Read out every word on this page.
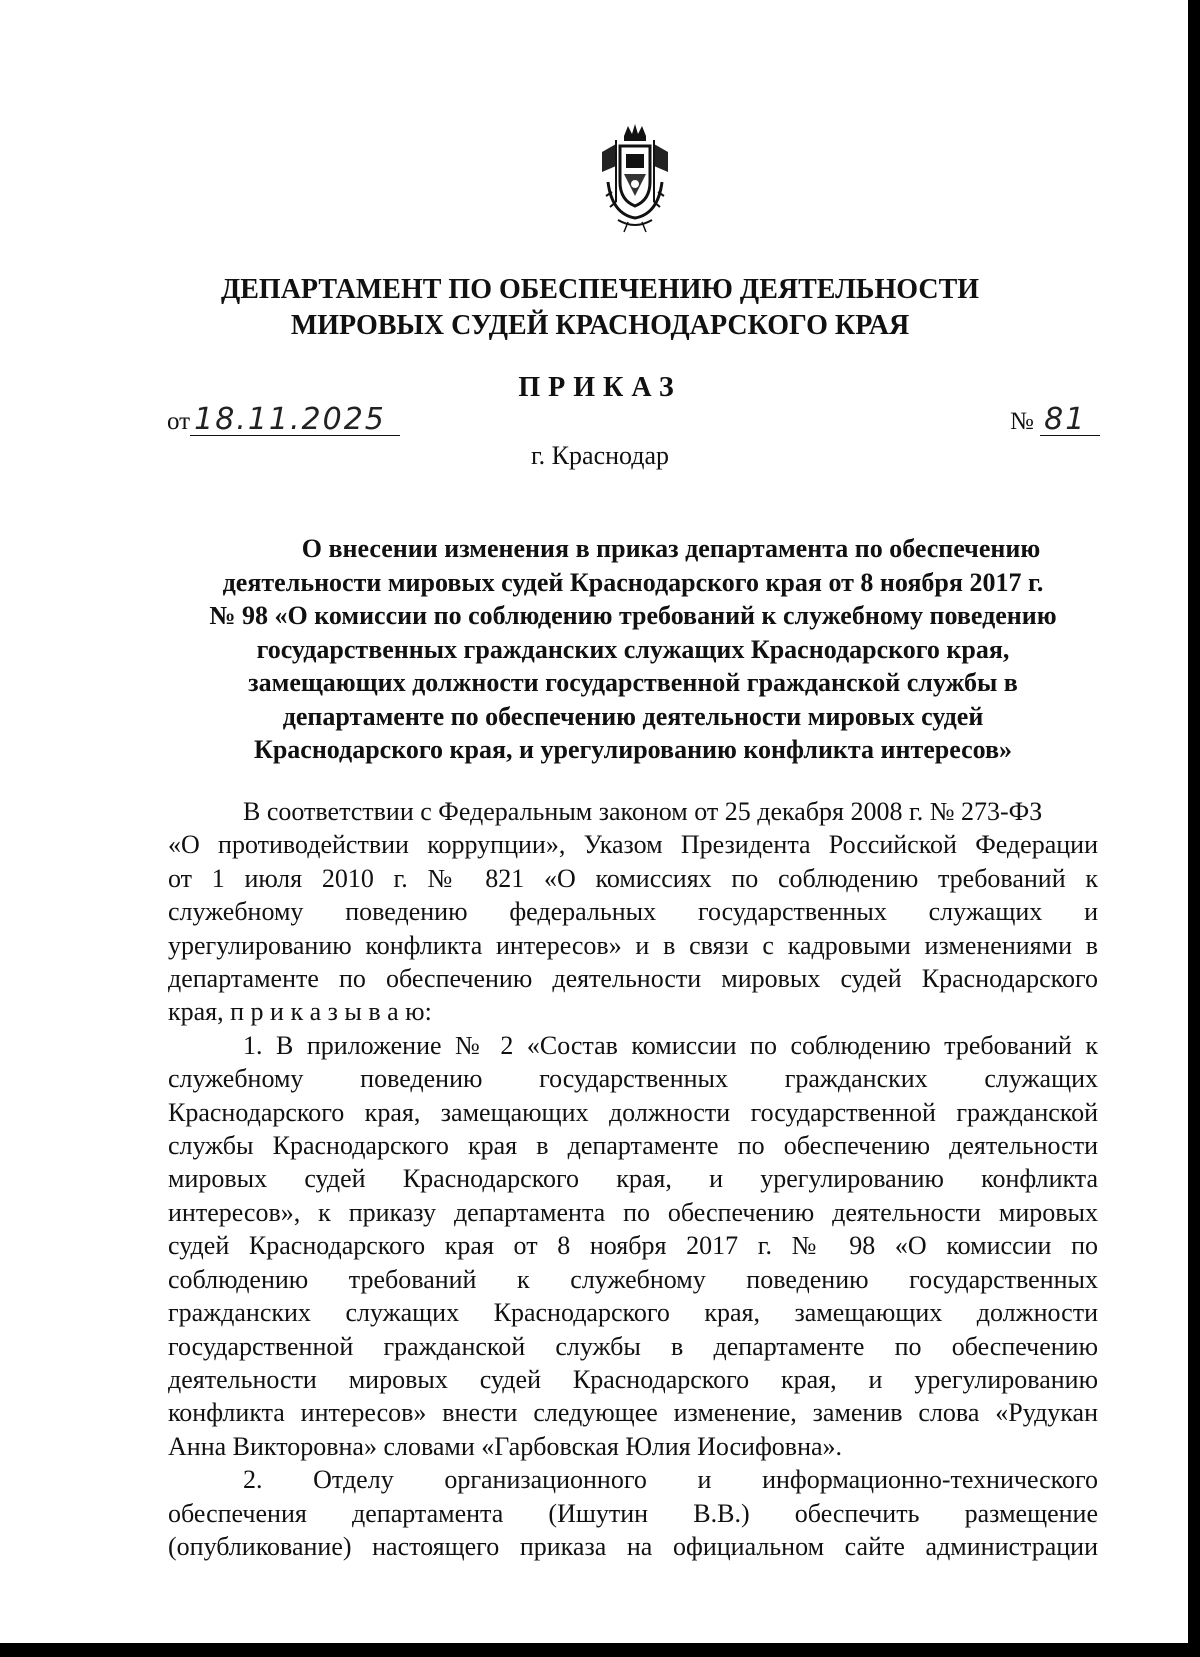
ДЕПАРТАМЕНТ ПО ОБЕСПЕЧЕНИЮ ДЕЯТЕЛЬНОСТИ
МИРОВЫХ СУДЕЙ КРАСНОДАРСКОГО КРАЯ
ПРИКАЗ
от 18.11.2025	№ 81
г. Краснодар
О внесении изменения в приказ департамента по обеспечению
деятельности мировых судей Краснодарского края от 8 ноября 2017 г.
№ 98 «О комиссии по соблюдению требований к служебному поведению
государственных гражданских служащих Краснодарского края,
замещающих должности государственной гражданской службы в
департаменте по обеспечению деятельности мировых судей
Краснодарского края, и урегулированию конфликта интересов»
В соответствии с Федеральным законом от 25 декабря 2008 г. № 273-ФЗ
«О противодействии коррупции», Указом Президента Российской Федерации
от 1 июля 2010 г. № 821 «О комиссиях по соблюдению требований к
служебному поведению федеральных государственных служащих и
урегулированию конфликта интересов» и в связи с кадровыми изменениями в
департаменте по обеспечению деятельности мировых судей Краснодарского
края, п р и к а з ы в а ю:
1. В приложение № 2 «Состав комиссии по соблюдению требований к
служебному поведению государственных гражданских служащих
Краснодарского края, замещающих должности государственной гражданской
службы Краснодарского края в департаменте по обеспечению деятельности
мировых судей Краснодарского края, и урегулированию конфликта
интересов», к приказу департамента по обеспечению деятельности мировых
судей Краснодарского края от 8 ноября 2017 г. № 98 «О комиссии по
соблюдению требований к служебному поведению государственных
гражданских служащих Краснодарского края, замещающих должности
государственной гражданской службы в департаменте по обеспечению
деятельности мировых судей Краснодарского края, и урегулированию
конфликта интересов» внести следующее изменение, заменив слова «Рудукан
Анна Викторовна» словами «Гарбовская Юлия Иосифовна».
2. Отделу организационного и информационно-технического
обеспечения департамента (Ишутин В.В.) обеспечить размещение
(опубликование) настоящего приказа на официальном сайте администрации
